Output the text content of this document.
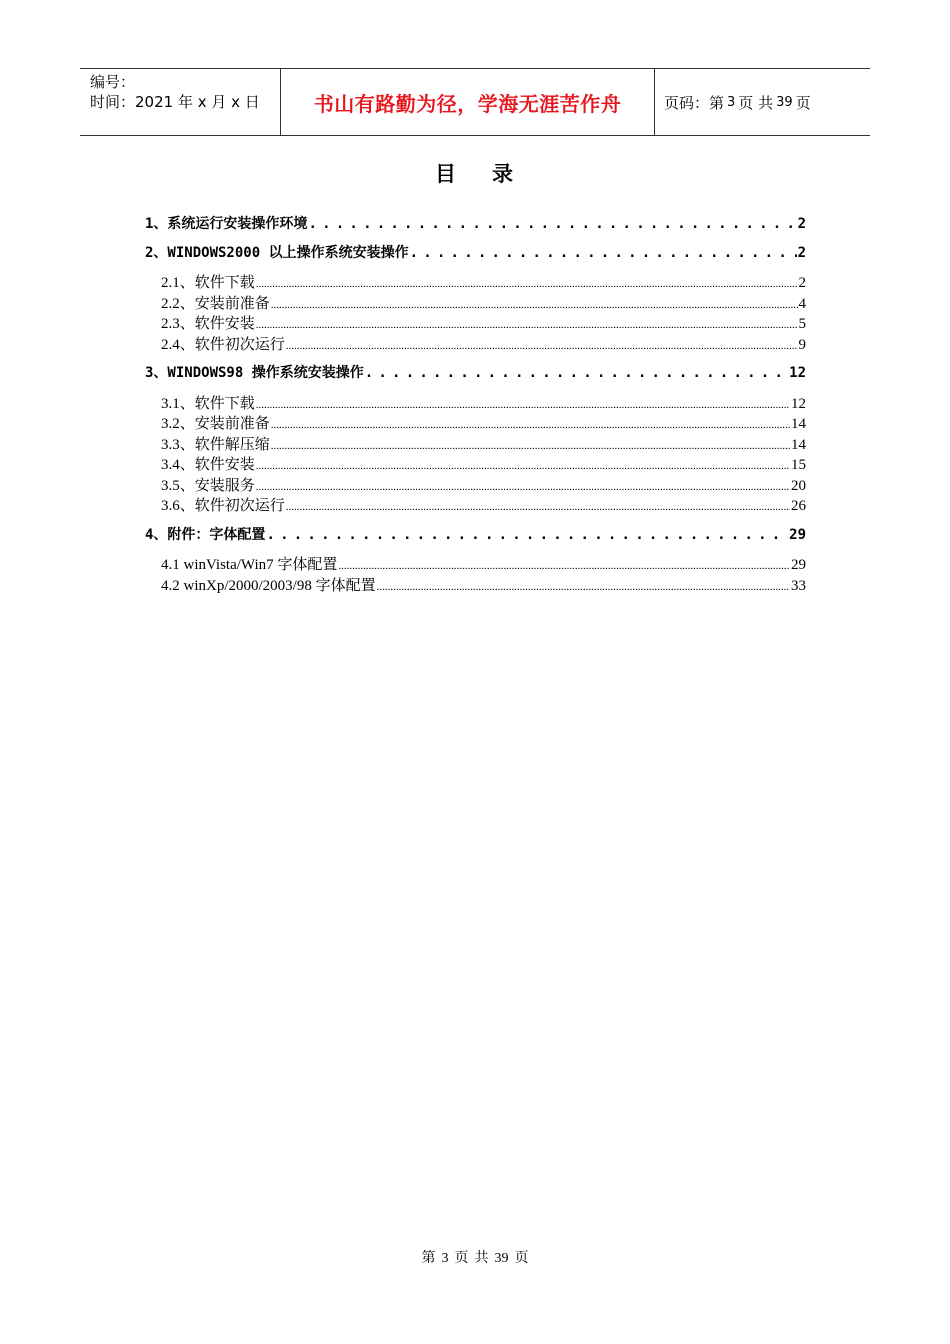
编号：
时间：2021 年 x 月 x 日	书山有路勤为径，学海无涯苦作舟	页码：第 3 页 共 39 页
目 录
1、系统运行安装操作环境 . . .	2
2、WINDOWS2000 以上操作系统安装操作 . . .	2
2.1、软件下载 .....	2
2.2、安装前准备 .....	4
2.3、软件安装 .....	5
2.4、软件初次运行 .....	9
3、WINDOWS98 操作系统安装操作 . . .	12
3.1、软件下载 .....	12
3.2、安装前准备 .....	14
3.3、软件解压缩 .....	14
3.4、软件安装 .....	15
3.5、安装服务 .....	20
3.6、软件初次运行 .....	26
4、附件：字体配置 . . .	29
4.1 winVista/Win7 字体配置 .....	29
4.2 winXp/2000/2003/98 字体配置 .....	33
第 3 页 共 39 页
